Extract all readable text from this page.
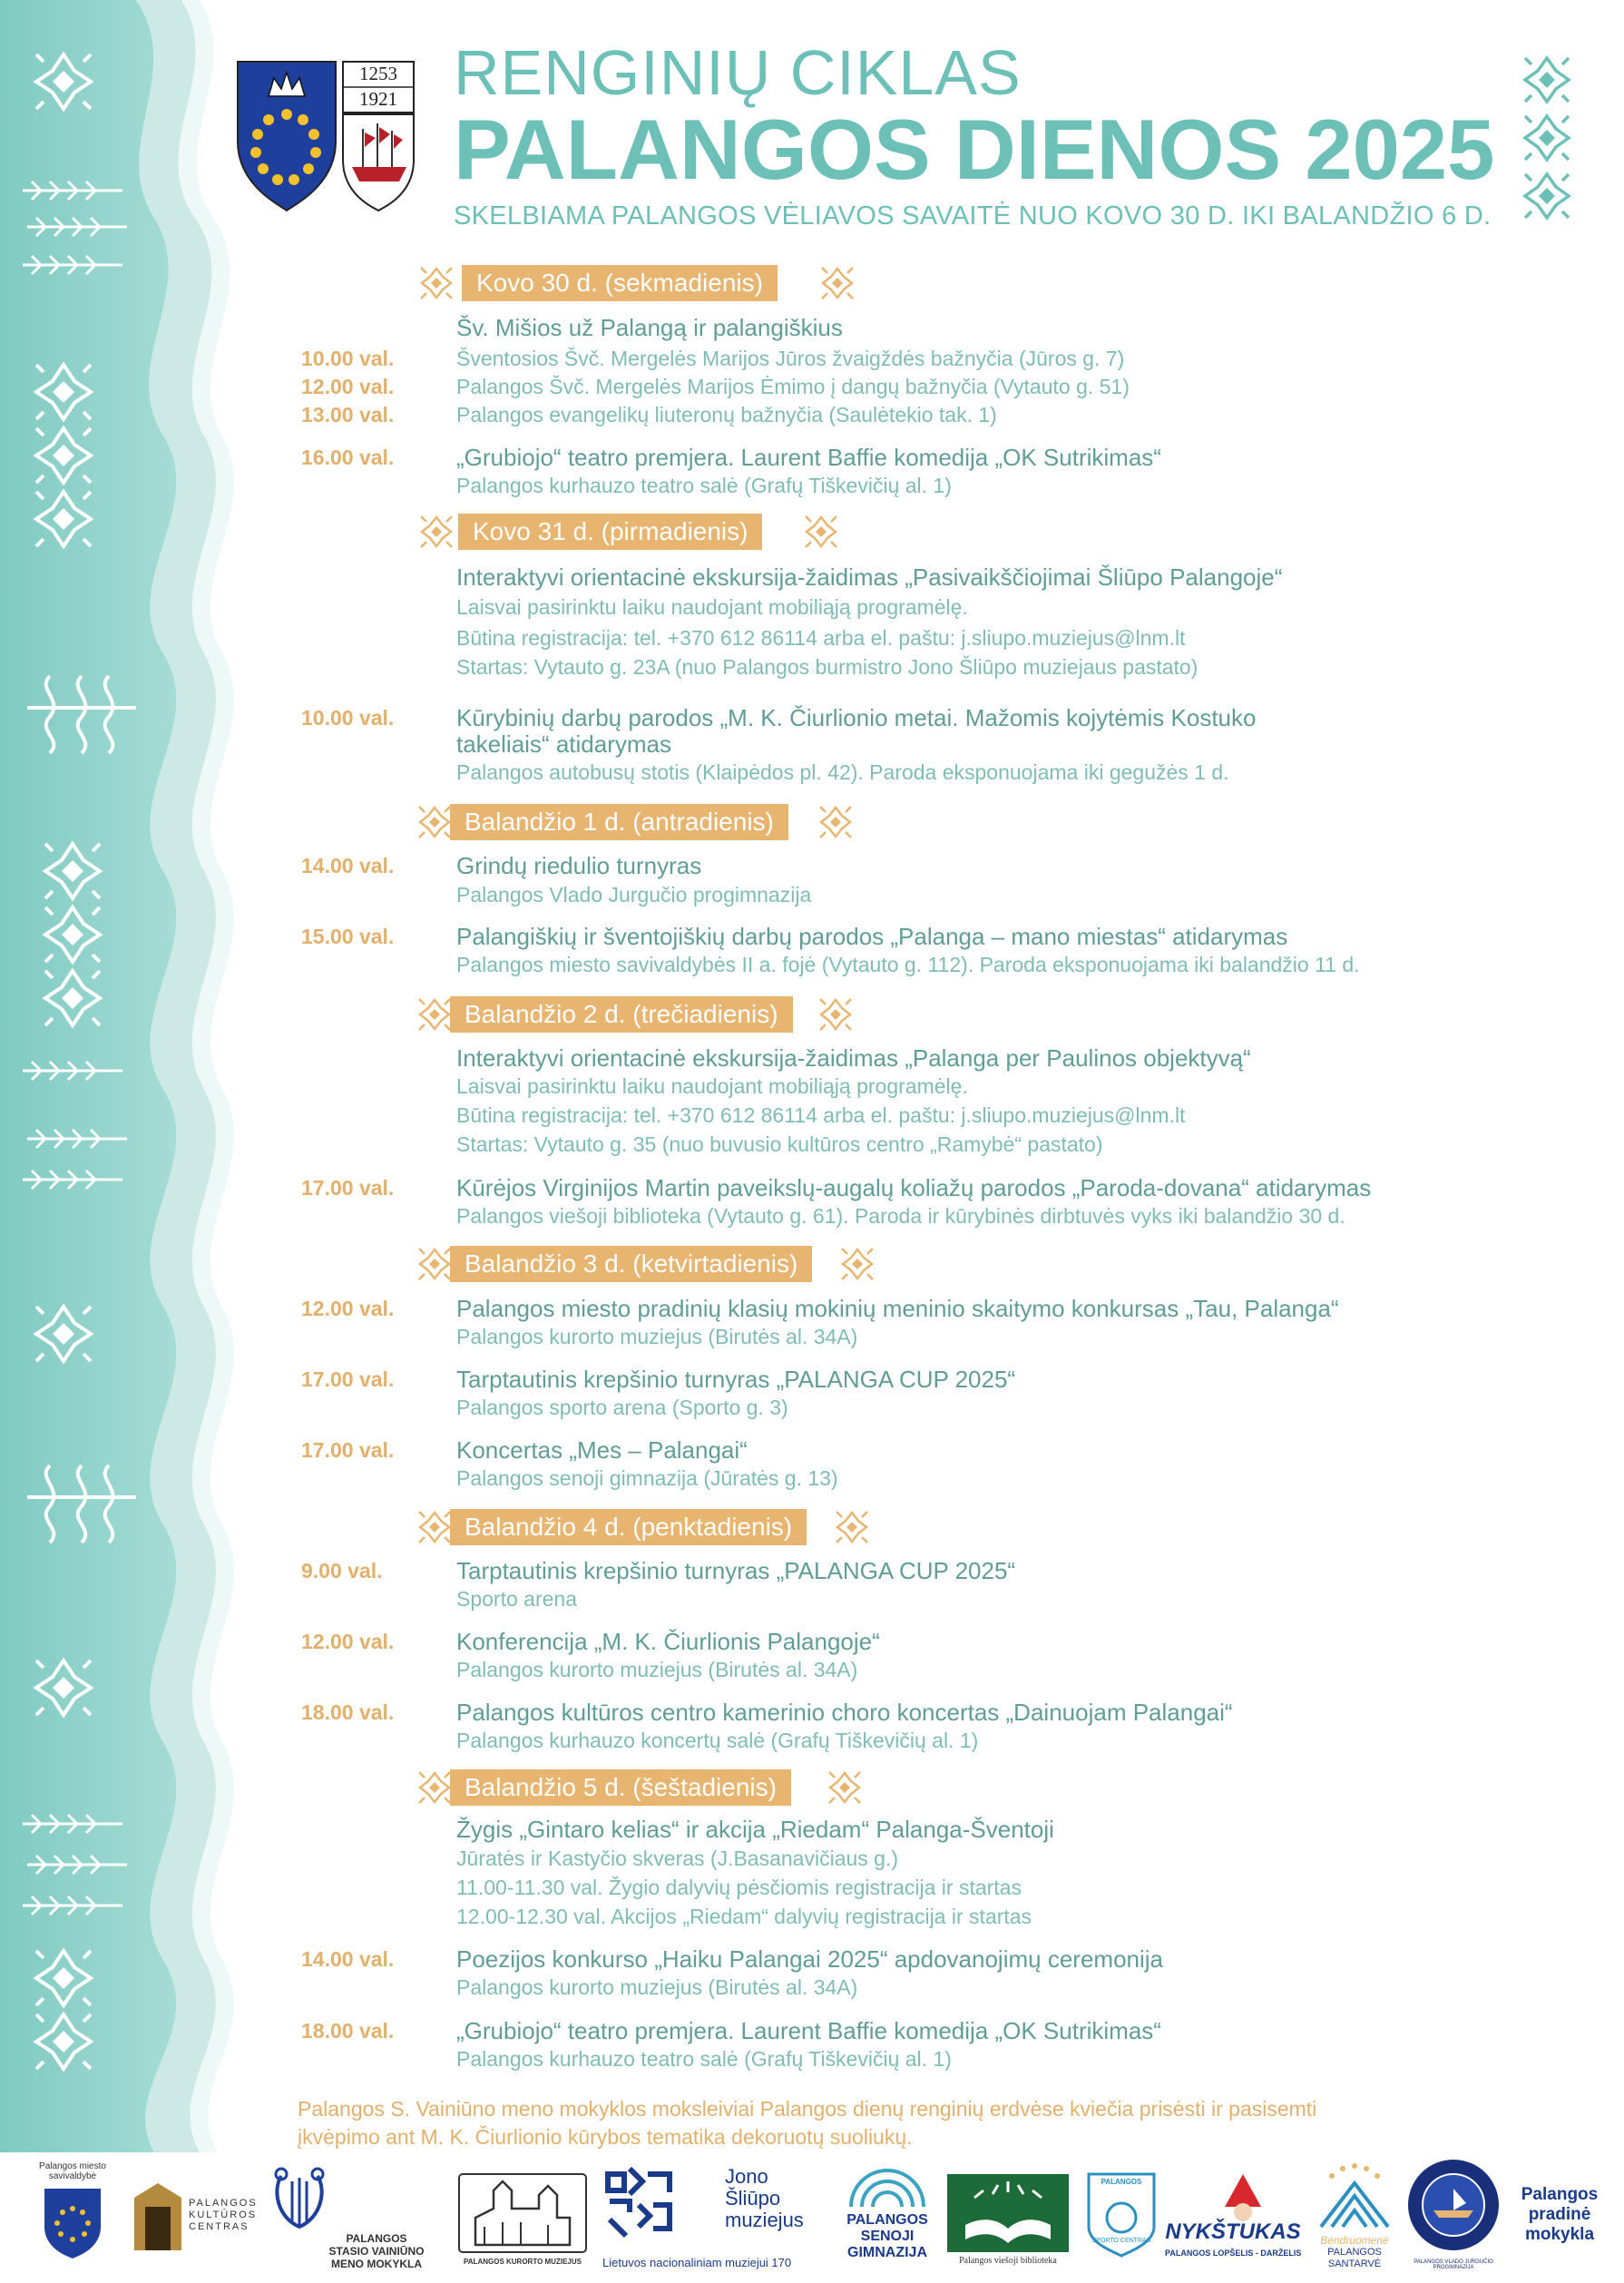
1253
1921 RENGINIŲ CIKLAS
PALANGOS DIENOS 2025
SKELBIAMA PALANGOS VĖLIAVOS SAVAITĖ NUO KOVO 30 D. IKI BALANDŽIO 6 D.
Kovo 30 d. (sekmadienis)
Kovo 31 d. (pirmadienis)
Balandžio 1 d. (antradienis)
Balandžio 2 d. (trečiadienis)
Balandžio 3 d. (ketvirtadienis)
Balandžio 4 d. (penktadienis)
Balandžio 5 d. (šeštadienis)
Šv. Mišios už Palangą ir palangiškius
10.00 val.	Šventosios Švč. Mergelės Marijos Jūros žvaigždės bažnyčia (Jūros g. 7)
12.00 val.	Palangos Švč. Mergelės Marijos Ėmimo į dangų bažnyčia (Vytauto g. 51)
13.00 val.	Palangos evangelikų liuteronų bažnyčia (Saulėtekio tak. 1)
16.00 val.	„Grubiojo“ teatro premjera. Laurent Baffie komedija „OK Sutrikimas“
Palangos kurhauzo teatro salė (Grafų Tiškevičių al. 1)
Interaktyvi orientacinė ekskursija-žaidimas „Pasivaikščiojimai Šliūpo Palangoje“
Laisvai pasirinktu laiku naudojant mobiliąją programėlę.
Būtina registracija: tel. +370 612 86114 arba el. paštu: j.sliupo.muziejus@lnm.lt
Startas: Vytauto g. 23A (nuo Palangos burmistro Jono Šliūpo muziejaus pastato)
10.00 val.	Kūrybinių darbų parodos „M. K. Čiurlionio metai. Mažomis kojytėmis Kostuko
takeliais“ atidarymas
Palangos autobusų stotis (Klaipėdos pl. 42). Paroda eksponuojama iki gegužės 1 d.
14.00 val.	Grindų riedulio turnyras
Palangos Vlado Jurgučio progimnazija
15.00 val.	Palangiškių ir šventojiškių darbų parodos „Palanga – mano miestas“ atidarymas
Palangos miesto savivaldybės II a. fojė (Vytauto g. 112). Paroda eksponuojama iki balandžio 11 d.
Interaktyvi orientacinė ekskursija-žaidimas „Palanga per Paulinos objektyvą“
Laisvai pasirinktu laiku naudojant mobiliąją programėlę.
Būtina registracija: tel. +370 612 86114 arba el. paštu: j.sliupo.muziejus@lnm.lt
Startas: Vytauto g. 35 (nuo buvusio kultūros centro „Ramybė“ pastato)
17.00 val.	Kūrėjos Virginijos Martin paveikslų-augalų koliažų parodos „Paroda-dovana“ atidarymas
Palangos viešoji biblioteka (Vytauto g. 61). Paroda ir kūrybinės dirbtuvės vyks iki balandžio 30 d.
12.00 val.	Palangos miesto pradinių klasių mokinių meninio skaitymo konkursas „Tau, Palanga“
Palangos kurorto muziejus (Birutės al. 34A)
17.00 val.	Tarptautinis krepšinio turnyras „PALANGA CUP 2025“
Palangos sporto arena (Sporto g. 3)
17.00 val.	Koncertas „Mes – Palangai“
Palangos senoji gimnazija (Jūratės g. 13)
9.00 val.	Tarptautinis krepšinio turnyras „PALANGA CUP 2025“
Sporto arena
12.00 val.	Konferencija „M. K. Čiurlionis Palangoje“
Palangos kurorto muziejus (Birutės al. 34A)
18.00 val.	Palangos kultūros centro kamerinio choro koncertas „Dainuojam Palangai“
Palangos kurhauzo koncertų salė (Grafų Tiškevičių al. 1)
Žygis „Gintaro kelias“ ir akcija „Riedam“ Palanga-Šventoji
Jūratės ir Kastyčio skveras (J.Basanavičiaus g.)
11.00-11.30 val. Žygio dalyvių pėsčiomis registracija ir startas
12.00-12.30 val. Akcijos „Riedam“ dalyvių registracija ir startas
14.00 val.	Poezijos konkurso „Haiku Palangai 2025“ apdovanojimų ceremonija
Palangos kurorto muziejus (Birutės al. 34A)
18.00 val.	„Grubiojo“ teatro premjera. Laurent Baffie komedija „OK Sutrikimas“
Palangos kurhauzo teatro salė (Grafų Tiškevičių al. 1)
Palangos S. Vainiūno meno mokyklos moksleiviai Palangos dienų renginių erdvėse kviečia prisėsti ir pasisemti įkvėpimo ant M. K. Čiurlionio kūrybos tematika dekoruotų suoliukų.
Palangos miesto savivaldybė
PALANGOS KULTŪROS CENTRAS
PALANGOS
STASIO VAINIŪNO
MENO MOKYKLA	PALANGOS KURORTO MUZIEJUS
Jono
Šliūpo
muziejus
Lietuvos nacionaliniam muziejui 170
PALANGOS
SENOJI
GIMNAZIJA
Palangos viešoji biblioteka
PALANGOS
SPORTO CENTRAS NYKŠTUKAS
PALANGOS LOPŠELIS - DARŽELIS
Bendruomenė
PALANGOS
SANTARVĖ	PALANGOS VLADO JURGUČIO PROGIMNAZIJA
Palangos
pradinė
mokykla
